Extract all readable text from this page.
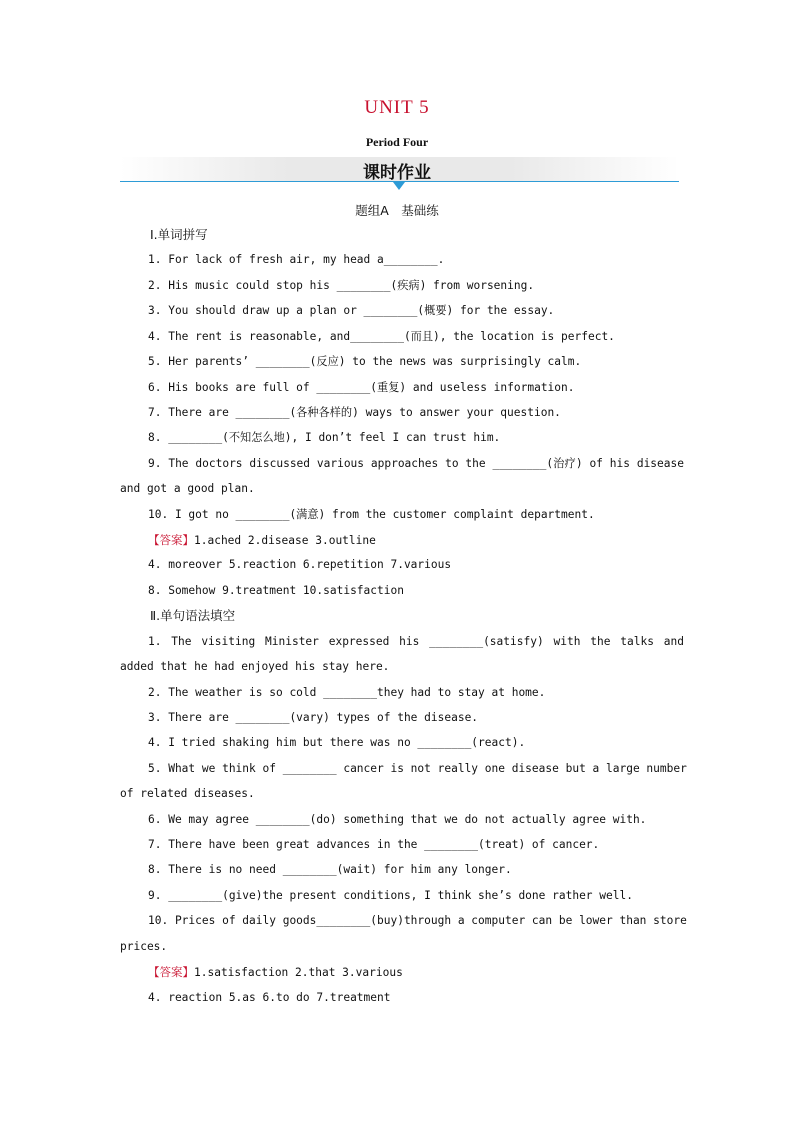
UNIT 5
Period Four
课时作业
题组A　基础练
Ⅰ.单词拼写
1. For lack of fresh air, my head a________.
2. His music could stop his ________(疾病) from worsening.
3. You should draw up a plan or ________(概要) for the essay.
4. The rent is reasonable, and________(而且), the location is perfect.
5. Her parents’ ________(反应) to the news was surprisingly calm.
6. His books are full of ________(重复) and useless information.
7. There are ________(各种各样的) ways to answer your question.
8. ________(不知怎么地), I don’t feel I can trust him.
9. The doctors discussed various approaches to the ________(治疗) of his disease
and got a good plan.
10. I got no ________(满意) from the customer complaint department.
【答案】1.ached 2.disease 3.outline
4. moreover 5.reaction 6.repetition 7.various
8. Somehow 9.treatment 10.satisfaction
Ⅱ.单句语法填空
1. The visiting Minister expressed his ________(satisfy) with the talks and
added that he had enjoyed his stay here.
2. The weather is so cold ________they had to stay at home.
3. There are ________(vary) types of the disease.
4. I tried shaking him but there was no ________(react).
5. What we think of ________ cancer is not really one disease but a large number
of related diseases.
6. We may agree ________(do) something that we do not actually agree with.
7. There have been great advances in the ________(treat) of cancer.
8. There is no need ________(wait) for him any longer.
9. ________(give)the present conditions, I think she’s done rather well.
10. Prices of daily goods________(buy)through a computer can be lower than store
prices.
【答案】1.satisfaction 2.that 3.various
4. reaction 5.as 6.to do 7.treatment
